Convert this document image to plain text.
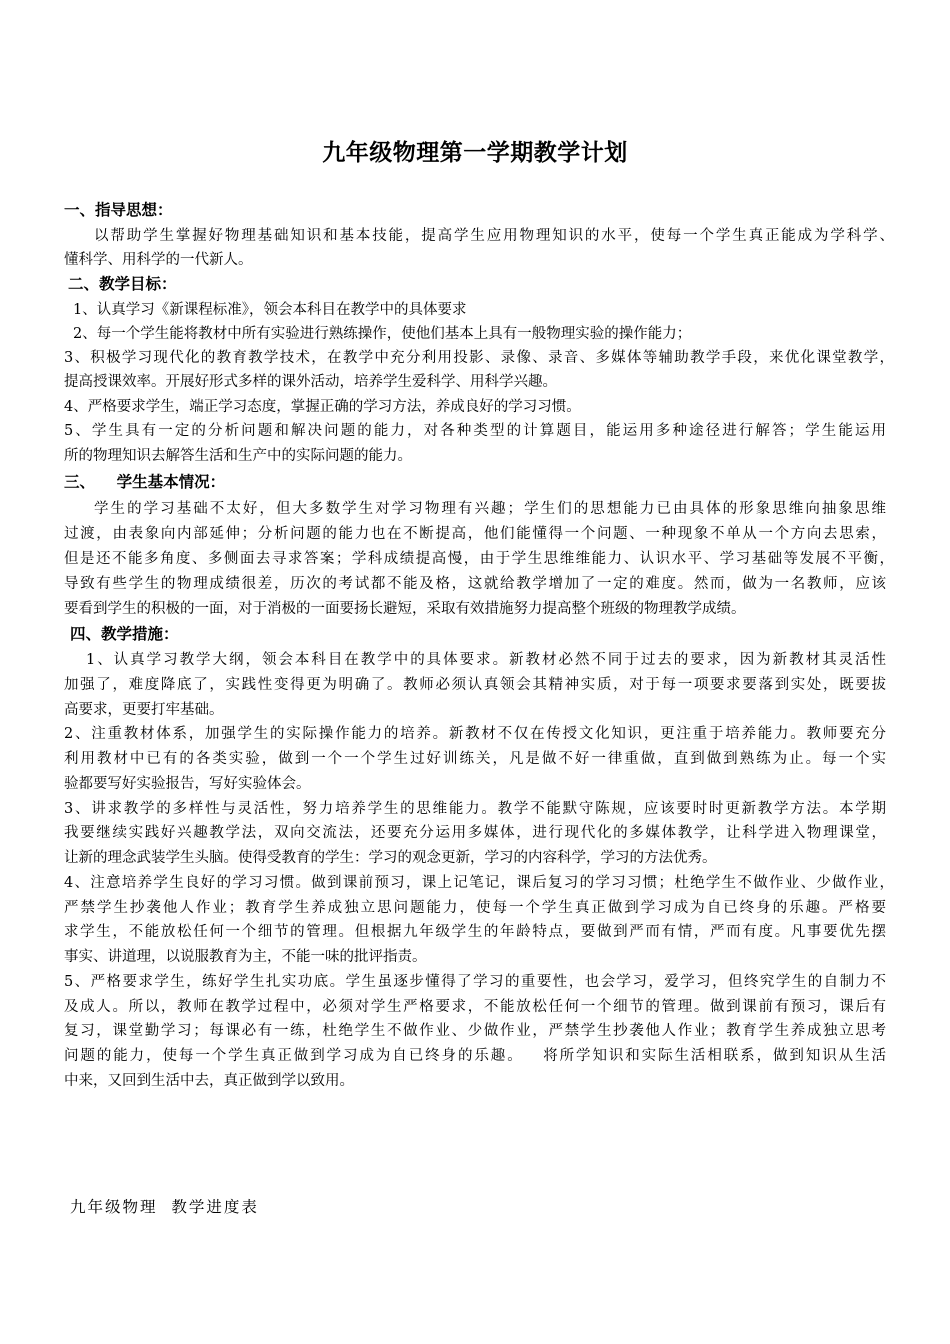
九年级物理第一学期教学计划
一、指导思想：
以帮助学生掌握好物理基础知识和基本技能，提高学生应用物理知识的水平，使每一个学生真正能成为学科学、
懂科学、用科学的一代新人。
二、教学目标：
1、认真学习《新课程标准》，领会本科目在教学中的具体要求
2、每一个学生能将教材中所有实验进行熟练操作，使他们基本上具有一般物理实验的操作能力；
3、积极学习现代化的教育教学技术，在教学中充分利用投影、录像、录音、多媒体等辅助教学手段，来优化课堂教学，
提高授课效率。开展好形式多样的课外活动，培养学生爱科学、用科学兴趣。
4、严格要求学生，端正学习态度，掌握正确的学习方法，养成良好的学习习惯。
5、学生具有一定的分析问题和解决问题的能力，对各种类型的计算题目，能运用多种途径进行解答；学生能运用
所的物理知识去解答生活和生产中的实际问题的能力。
三、    学生基本情况：
学生的学习基础不太好，但大多数学生对学习物理有兴趣；学生们的思想能力已由具体的形象思维向抽象思维
过渡，由表象向内部延伸；分析问题的能力也在不断提高，他们能懂得一个问题、一种现象不单从一个方向去思索，
但是还不能多角度、多侧面去寻求答案；学科成绩提高慢，由于学生思维维能力、认识水平、学习基础等发展不平衡，
导致有些学生的物理成绩很差，历次的考试都不能及格，这就给教学增加了一定的难度。然而，做为一名教师，应该
要看到学生的积极的一面，对于消极的一面要扬长避短，采取有效措施努力提高整个班级的物理教学成绩。
四、教学措施：
1、认真学习教学大纲，领会本科目在教学中的具体要求。新教材必然不同于过去的要求，因为新教材其灵活性
加强了，难度降底了，实践性变得更为明确了。教师必须认真领会其精神实质，对于每一项要求要落到实处，既要拔
高要求，更要打牢基础。
2、注重教材体系，加强学生的实际操作能力的培养。新教材不仅在传授文化知识，更注重于培养能力。教师要充分
利用教材中已有的各类实验，做到一个一个学生过好训练关，凡是做不好一律重做，直到做到熟练为止。每一个实
验都要写好实验报告，写好实验体会。
3、讲求教学的多样性与灵活性，努力培养学生的思维能力。教学不能默守陈规，应该要时时更新教学方法。本学期
我要继续实践好兴趣教学法，双向交流法，还要充分运用多媒体，进行现代化的多媒体教学，让科学进入物理课堂，
让新的理念武装学生头脑。使得受教育的学生：学习的观念更新，学习的内容科学，学习的方法优秀。
4、注意培养学生良好的学习习惯。做到课前预习，课上记笔记，课后复习的学习习惯；杜绝学生不做作业、少做作业，
严禁学生抄袭他人作业；教育学生养成独立思问题能力，使每一个学生真正做到学习成为自已终身的乐趣。严格要
求学生，不能放松任何一个细节的管理。但根据九年级学生的年龄特点，要做到严而有情，严而有度。凡事要优先摆
事实、讲道理，以说服教育为主，不能一味的批评指责。
5、严格要求学生，练好学生扎实功底。学生虽逐步懂得了学习的重要性，也会学习，爱学习，但终究学生的自制力不
及成人。所以，教师在教学过程中，必须对学生严格要求，不能放松任何一个细节的管理。做到课前有预习，课后有
复习，课堂勤学习；每课必有一练，杜绝学生不做作业、少做作业，严禁学生抄袭他人作业；教育学生养成独立思考
问题的能力，使每一个学生真正做到学习成为自已终身的乐趣。   将所学知识和实际生活相联系，做到知识从生活
中来，又回到生活中去，真正做到学以致用。
九年级物理  教学进度表
